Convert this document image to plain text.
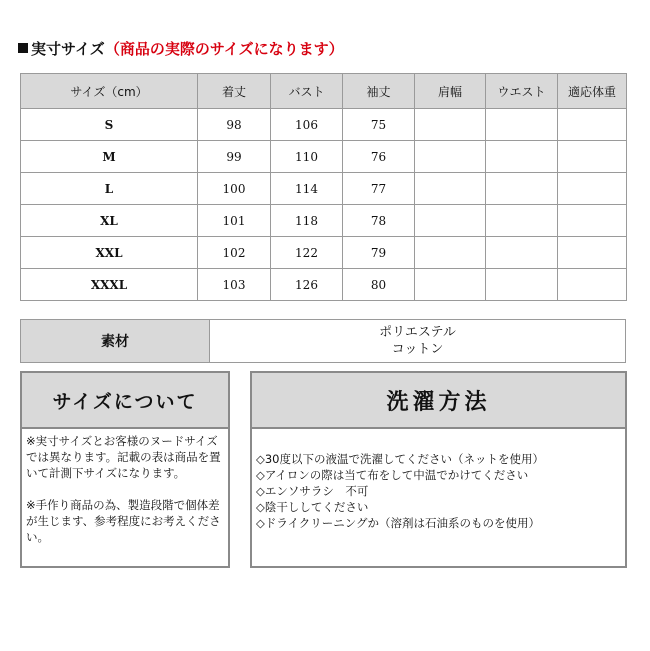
実寸サイズ（商品の実際のサイズになります）
サイズ（cm）	着丈	バスト	袖丈	肩幅	ウエスト	適応体重
S	98	106	75			
M	99	110	76			
L	100	114	77			
XL	101	118	78			
XXL	102	122	79			
XXXL	103	126	80			
素材
ポリエステル
コットン
サイズについて

※実寸サイズとお客様のヌードサイズでは異なります。記載の表は商品を置いて計測下サイズになります。

※手作り商品の為、製造段階で個体差が生じます、参考程度にお考えください。

洗濯方法
◇30度以下の液温で洗濯してください（ネットを使用）
◇アイロンの際は当て布をして中温でかけてください
◇エンソサラシ　不可
◇陰干ししてください
◇ドライクリーニングか（溶剤は石油系のものを使用）
